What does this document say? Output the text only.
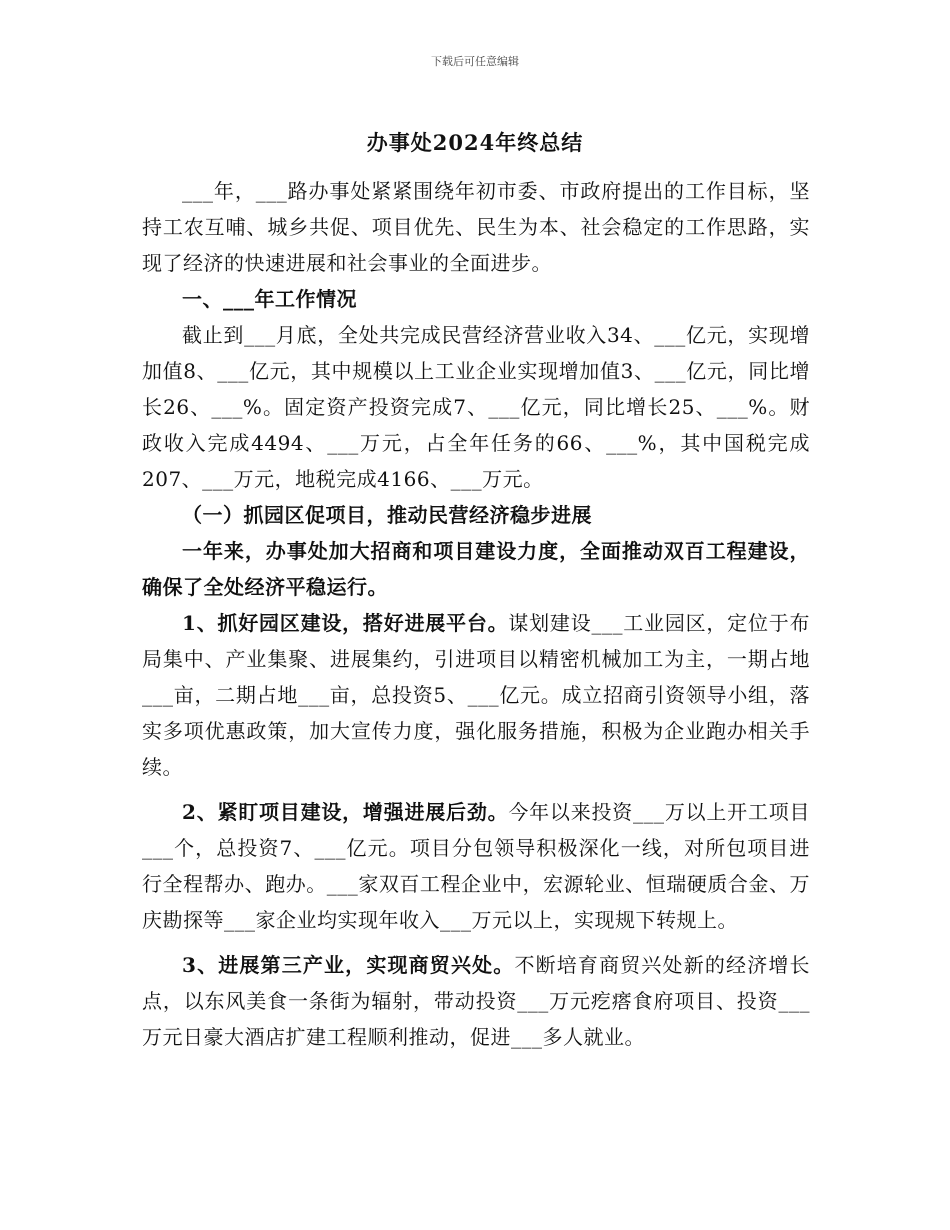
下载后可任意编辑
办事处2024年终总结

___年，___路办事处紧紧围绕年初市委、市政府提出的工作目标，坚持工农互哺、城乡共促、项目优先、民生为本、社会稳定的工作思路，实现了经济的快速进展和社会事业的全面进步。

一、___年工作情况

截止到___月底，全处共完成民营经济营业收入34、___亿元，实现增加值8、___亿元，其中规模以上工业企业实现增加值3、___亿元，同比增长26、___%。固定资产投资完成7、___亿元，同比增长25、___%。财政收入完成4494、___万元，占全年任务的66、___%，其中国税完成207、___万元，地税完成4166、___万元。

（一）抓园区促项目，推动民营经济稳步进展

一年来，办事处加大招商和项目建设力度，全面推动双百工程建设，确保了全处经济平稳运行。

1、抓好园区建设，搭好进展平台。谋划建设___工业园区，定位于布局集中、产业集聚、进展集约，引进项目以精密机械加工为主，一期占地___亩，二期占地___亩，总投资5、___亿元。成立招商引资领导小组，落实多项优惠政策，加大宣传力度，强化服务措施，积极为企业跑办相关手续。

2、紧盯项目建设，增强进展后劲。今年以来投资___万以上开工项目___个，总投资7、___亿元。项目分包领导积极深化一线，对所包项目进行全程帮办、跑办。___家双百工程企业中，宏源轮业、恒瑞硬质合金、万庆勘探等___家企业均实现年收入___万元以上，实现规下转规上。

3、进展第三产业，实现商贸兴处。不断培育商贸兴处新的经济增长点，以东风美食一条街为辐射，带动投资___万元疙瘩食府项目、投资___万元日豪大酒店扩建工程顺利推动，促进___多人就业。
